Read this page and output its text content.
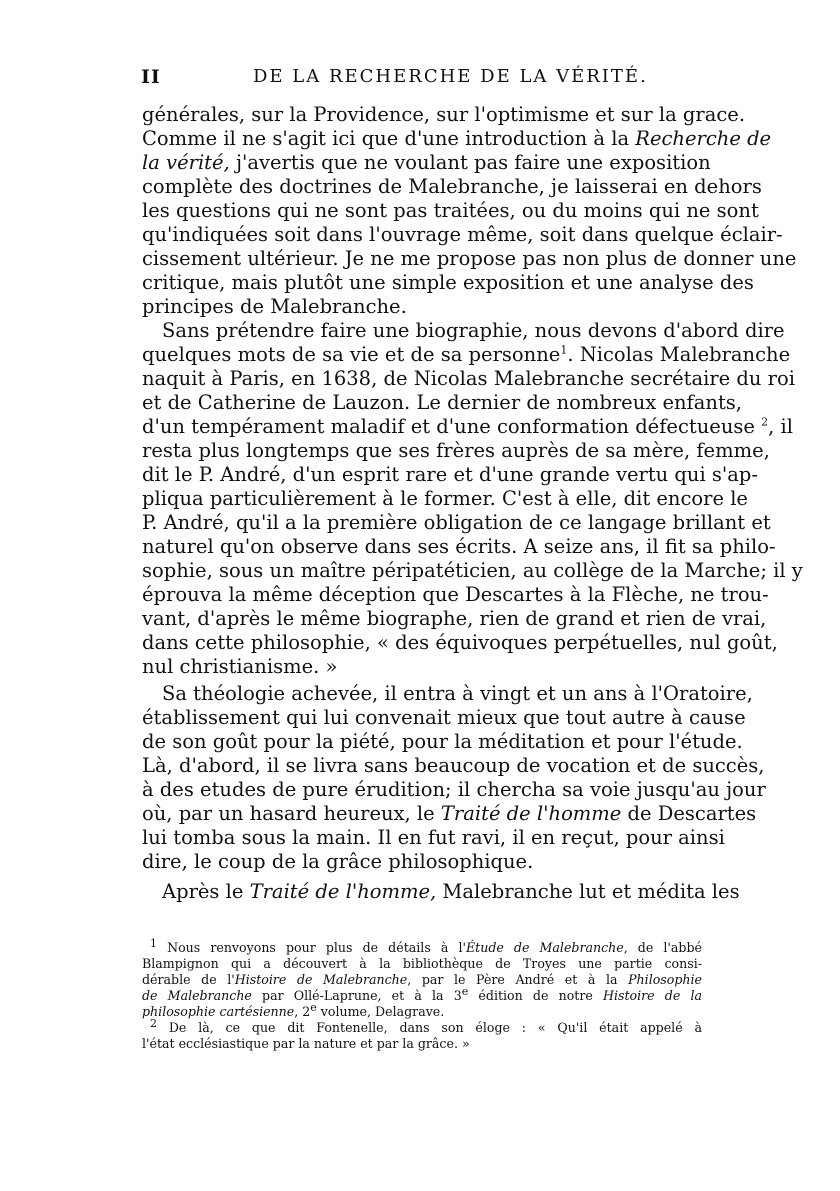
II	DE LA RECHERCHE DE LA VÉRITÉ.
générales, sur la Providence, sur l'optimisme et sur la grace.
Comme il ne s'agit ici que d'une introduction à la Recherche de
la vérité, j'avertis que ne voulant pas faire une exposition
complète des doctrines de Malebranche, je laisserai en dehors
les questions qui ne sont pas traitées, ou du moins qui ne sont
qu'indiquées soit dans l'ouvrage même, soit dans quelque éclair-
cissement ultérieur. Je ne me propose pas non plus de donner une
critique, mais plutôt une simple exposition et une analyse des
principes de Malebranche.
Sans prétendre faire une biographie, nous devons d'abord dire
quelques mots de sa vie et de sa personne$^1$. Nicolas Malebranche
naquit à Paris, en 1638, de Nicolas Malebranche secrétaire du roi
et de Catherine de Lauzon. Le dernier de nombreux enfants,
d'un tempérament maladif et d'une conformation défectueuse $^2$, il
resta plus longtemps que ses frères auprès de sa mère, femme,
dit le P. André, d'un esprit rare et d'une grande vertu qui s'ap-
pliqua particulièrement à le former. C'est à elle, dit encore le
P. André, qu'il a la première obligation de ce langage brillant et
naturel qu'on observe dans ses écrits. A seize ans, il fit sa philo-
sophie, sous un maître péripatéticien, au collège de la Marche; il y
éprouva la même déception que Descartes à la Flèche, ne trou-
vant, d'après le même biographe, rien de grand et rien de vrai,
dans cette philosophie, « des équivoques perpétuelles, nul goût,
nul christianisme. »
Sa théologie achevée, il entra à vingt et un ans à l'Oratoire,
établissement qui lui convenait mieux que tout autre à cause
de son goût pour la piété, pour la méditation et pour l'étude.
Là, d'abord, il se livra sans beaucoup de vocation et de succès,
à des etudes de pure érudition; il chercha sa voie jusqu'au jour
où, par un hasard heureux, le Traité de l'homme de Descartes
lui tomba sous la main. Il en fut ravi, il en reçut, pour ainsi
dire, le coup de la grâce philosophique.
Après le Traité de l'homme, Malebranche lut et médita les
$^1$ Nous renvoyons pour plus de détails à l'Étude de Malebranche, de l'abbé
Blampignon qui a découvert à la bibliothèque de Troyes une partie consi-
dérable de l'Histoire de Malebranche, par le Père André et à la Philosophie
de Malebranche par Ollé-Laprune, et à la 3e édition de notre Histoire de la
philosophie cartésienne, 2e volume, Delagrave.
$^2$ De là, ce que dit Fontenelle, dans son éloge : « Qu'il était appelé à
l'état ecclésiastique par la nature et par la grâce. »
